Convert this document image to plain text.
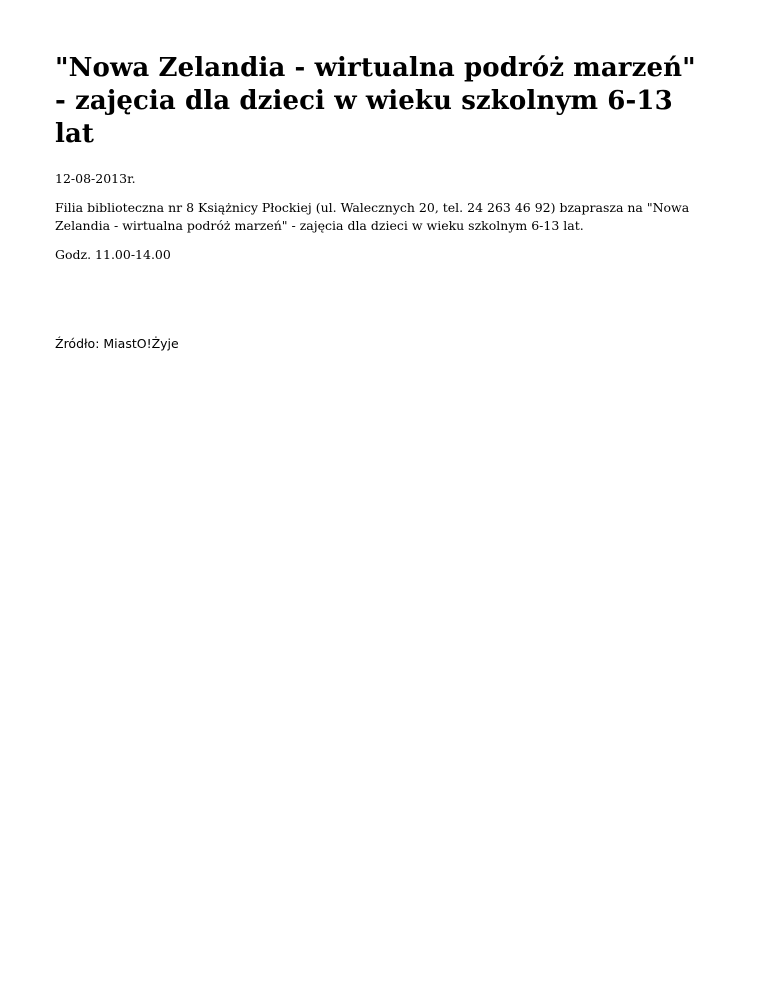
"Nowa Zelandia - wirtualna podróż marzeń" - zajęcia dla dzieci w wieku szkolnym 6-13 lat

12-08-2013r.

Filia biblioteczna nr 8 Książnicy Płockiej (ul. Walecznych 20, tel. 24 263 46 92) bzaprasza na "Nowa Zelandia - wirtualna podróż marzeń" - zajęcia dla dzieci w wieku szkolnym 6-13 lat.

Godz. 11.00-14.00

Źródło: MiastO!Żyje
